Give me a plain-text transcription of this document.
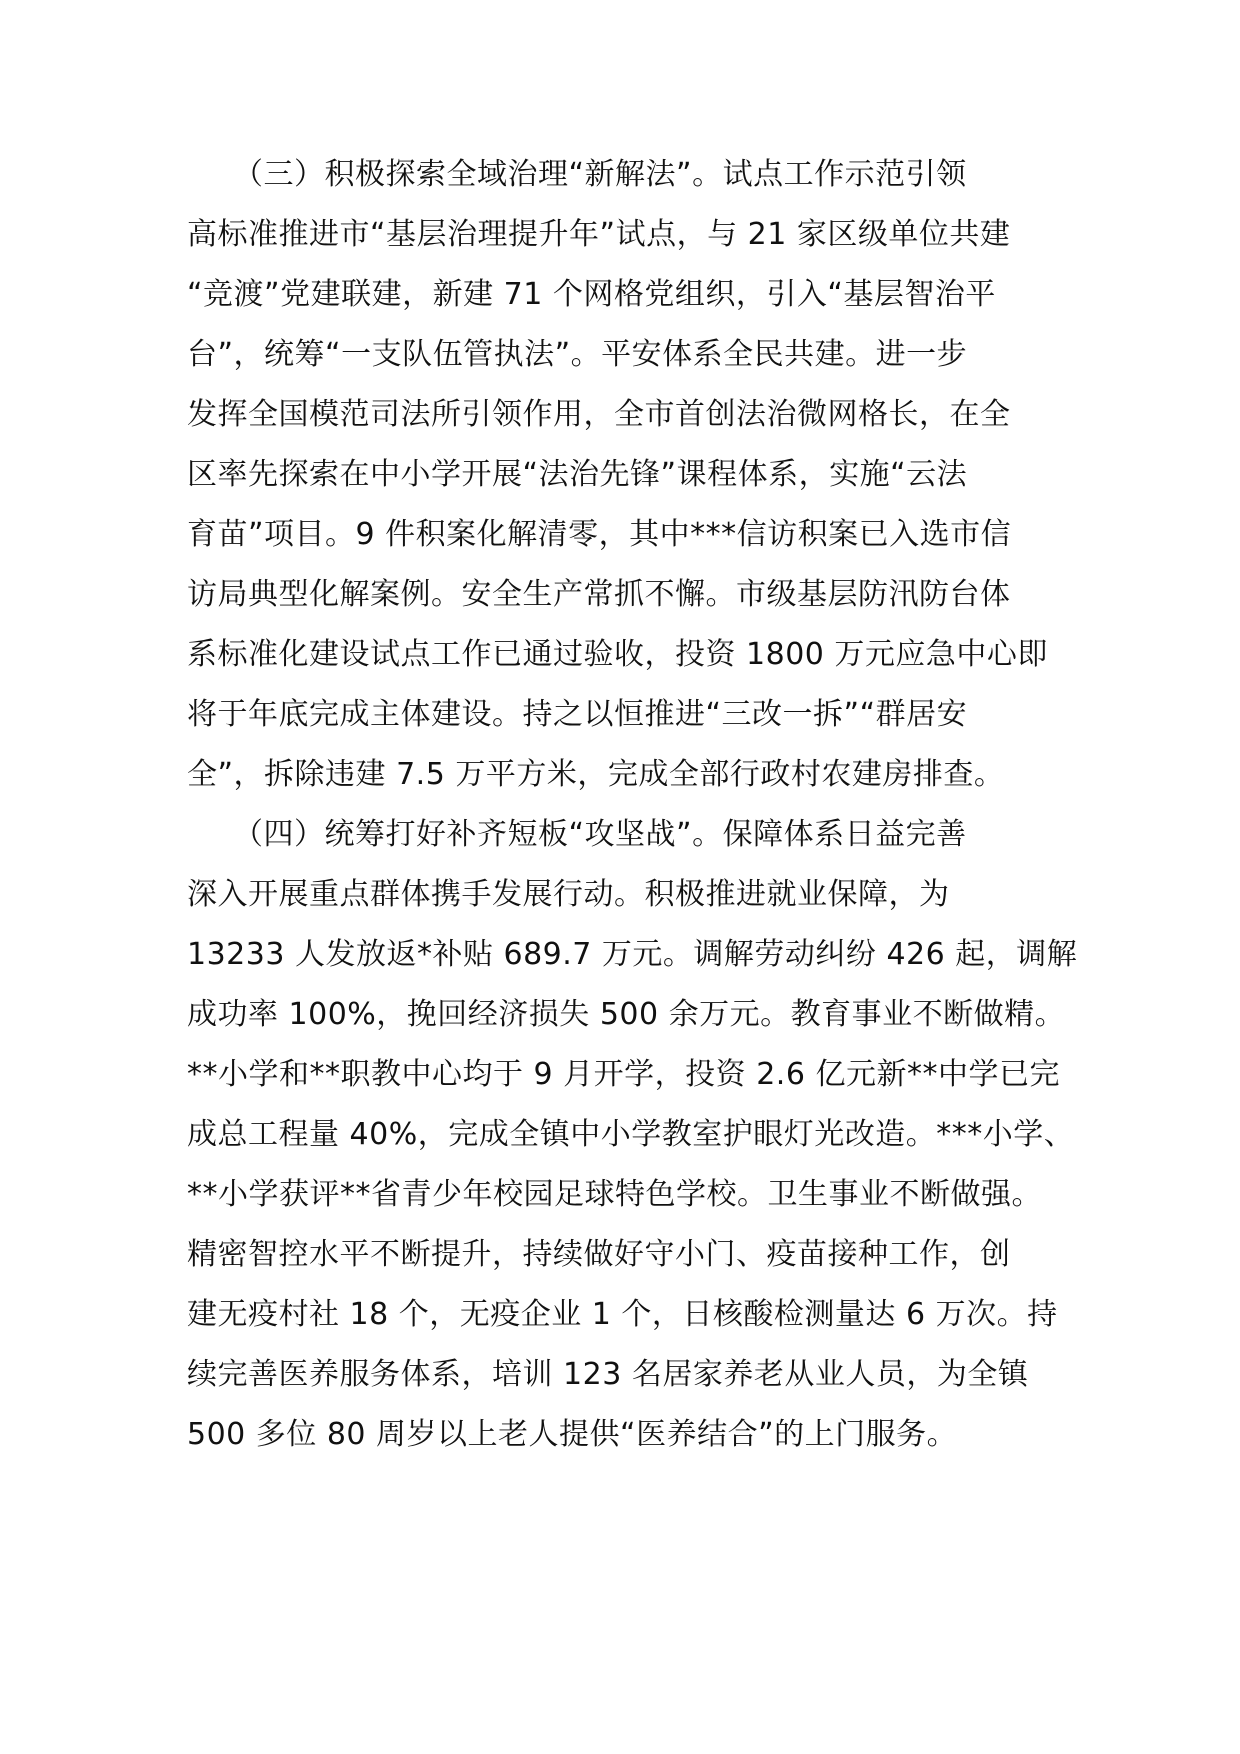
　　（三）积极探索全域治理“新解法”。试点工作示范引领
高标准推进市“基层治理提升年”试点，与 21 家区级单位共建
“竞渡”党建联建，新建 71 个网格党组织，引入“基层智治平
台”，统筹“一支队伍管执法”。平安体系全民共建。进一步
发挥全国模范司法所引领作用，全市首创法治微网格长，在全
区率先探索在中小学开展“法治先锋”课程体系，实施“云法
育苗”项目。9 件积案化解清零，其中***信访积案已入选市信
访局典型化解案例。安全生产常抓不懈。市级基层防汛防台体
系标准化建设试点工作已通过验收，投资 1800 万元应急中心即
将于年底完成主体建设。持之以恒推进“三改一拆”“群居安
全”，拆除违建 7.5 万平方米，完成全部行政村农建房排查。
　　（四）统筹打好补齐短板“攻坚战”。保障体系日益完善
深入开展重点群体携手发展行动。积极推进就业保障，为
13233 人发放返*补贴 689.7 万元。调解劳动纠纷 426 起，调解
成功率 100%，挽回经济损失 500 余万元。教育事业不断做精。
**小学和**职教中心均于 9 月开学，投资 2.6 亿元新**中学已完
成总工程量 40%，完成全镇中小学教室护眼灯光改造。***小学、
**小学获评**省青少年校园足球特色学校。卫生事业不断做强。
精密智控水平不断提升，持续做好守小门、疫苗接种工作，创
建无疫村社 18 个，无疫企业 1 个，日核酸检测量达 6 万次。持
续完善医养服务体系，培训 123 名居家养老从业人员，为全镇
500 多位 80 周岁以上老人提供“医养结合”的上门服务。
